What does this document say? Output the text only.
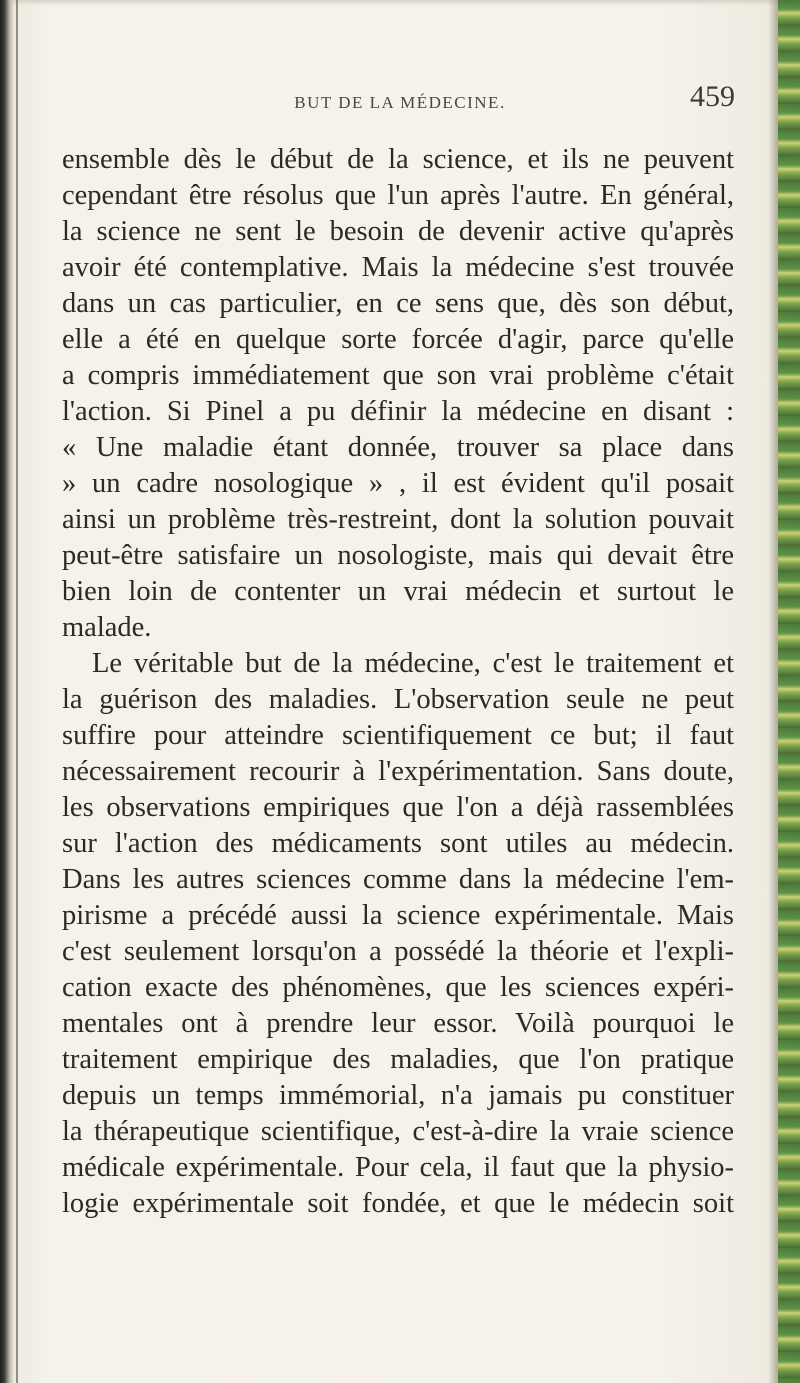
BUT DE LA MÉDECINE.	459
ensemble dès le début de la science, et ils ne peuvent
cependant être résolus que l'un après l'autre. En général,
la science ne sent le besoin de devenir active qu'après
avoir été contemplative. Mais la médecine s'est trouvée
dans un cas particulier, en ce sens que, dès son début,
elle a été en quelque sorte forcée d'agir, parce qu'elle
a compris immédiatement que son vrai problème c'était
l'action. Si Pinel a pu définir la médecine en disant :
« Une maladie étant donnée, trouver sa place dans
» un cadre nosologique » , il est évident qu'il posait
ainsi un problème très-restreint, dont la solution pouvait
peut-être satisfaire un nosologiste, mais qui devait être
bien loin de contenter un vrai médecin et surtout le
malade.
Le véritable but de la médecine, c'est le traitement et
la guérison des maladies. L'observation seule ne peut
suffire pour atteindre scientifiquement ce but; il faut
nécessairement recourir à l'expérimentation. Sans doute,
les observations empiriques que l'on a déjà rassemblées
sur l'action des médicaments sont utiles au médecin.
Dans les autres sciences comme dans la médecine l'em-
pirisme a précédé aussi la science expérimentale. Mais
c'est seulement lorsqu'on a possédé la théorie et l'expli-
cation exacte des phénomènes, que les sciences expéri-
mentales ont à prendre leur essor. Voilà pourquoi le
traitement empirique des maladies, que l'on pratique
depuis un temps immémorial, n'a jamais pu constituer
la thérapeutique scientifique, c'est-à-dire la vraie science
médicale expérimentale. Pour cela, il faut que la physio-
logie expérimentale soit fondée, et que le médecin soit
